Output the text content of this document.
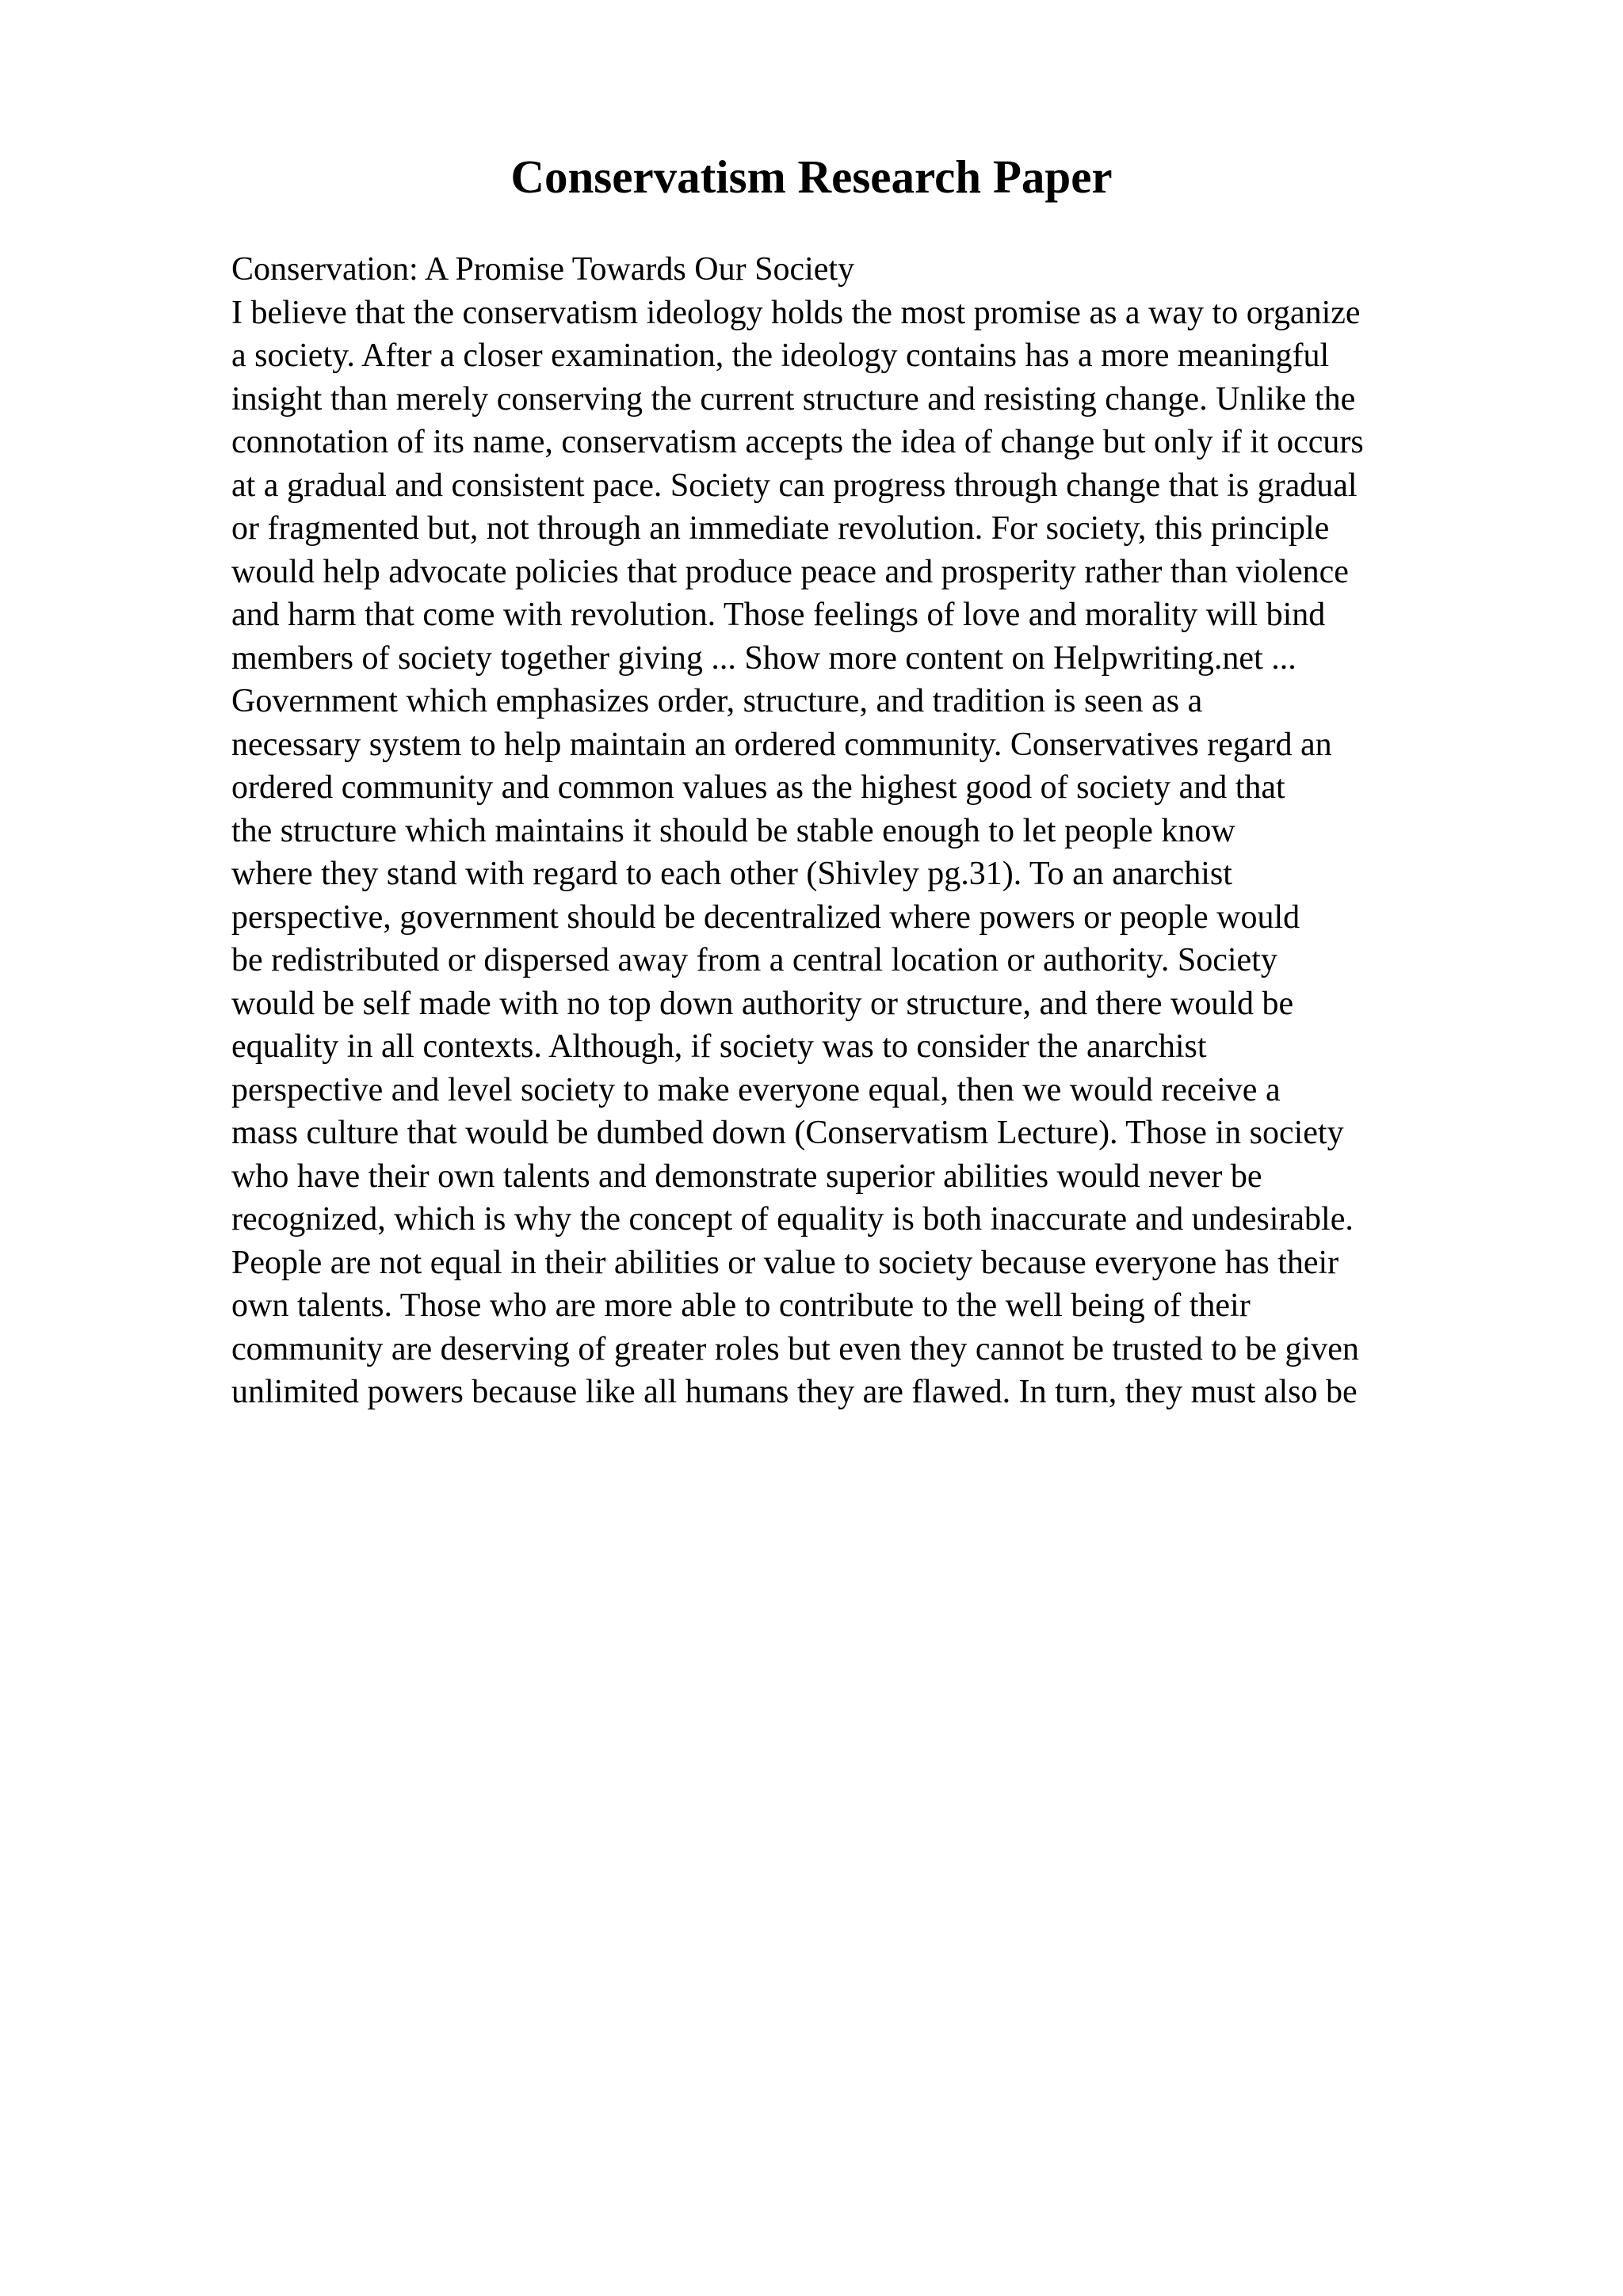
Conservatism Research Paper
Conservation: A Promise Towards Our Society
I believe that the conservatism ideology holds the most promise as a way to organize
a society. After a closer examination, the ideology contains has a more meaningful
insight than merely conserving the current structure and resisting change. Unlike the
connotation of its name, conservatism accepts the idea of change but only if it occurs
at a gradual and consistent pace. Society can progress through change that is gradual
or fragmented but, not through an immediate revolution. For society, this principle
would help advocate policies that produce peace and prosperity rather than violence
and harm that come with revolution. Those feelings of love and morality will bind
members of society together giving ... Show more content on Helpwriting.net ...
Government which emphasizes order, structure, and tradition is seen as a
necessary system to help maintain an ordered community. Conservatives regard an
ordered community and common values as the highest good of society and that
the structure which maintains it should be stable enough to let people know
where they stand with regard to each other (Shivley pg.31). To an anarchist
perspective, government should be decentralized where powers or people would
be redistributed or dispersed away from a central location or authority. Society
would be self made with no top down authority or structure, and there would be
equality in all contexts. Although, if society was to consider the anarchist
perspective and level society to make everyone equal, then we would receive a
mass culture that would be dumbed down (Conservatism Lecture). Those in society
who have their own talents and demonstrate superior abilities would never be
recognized, which is why the concept of equality is both inaccurate and undesirable.
People are not equal in their abilities or value to society because everyone has their
own talents. Those who are more able to contribute to the well being of their
community are deserving of greater roles but even they cannot be trusted to be given
unlimited powers because like all humans they are flawed. In turn, they must also be
